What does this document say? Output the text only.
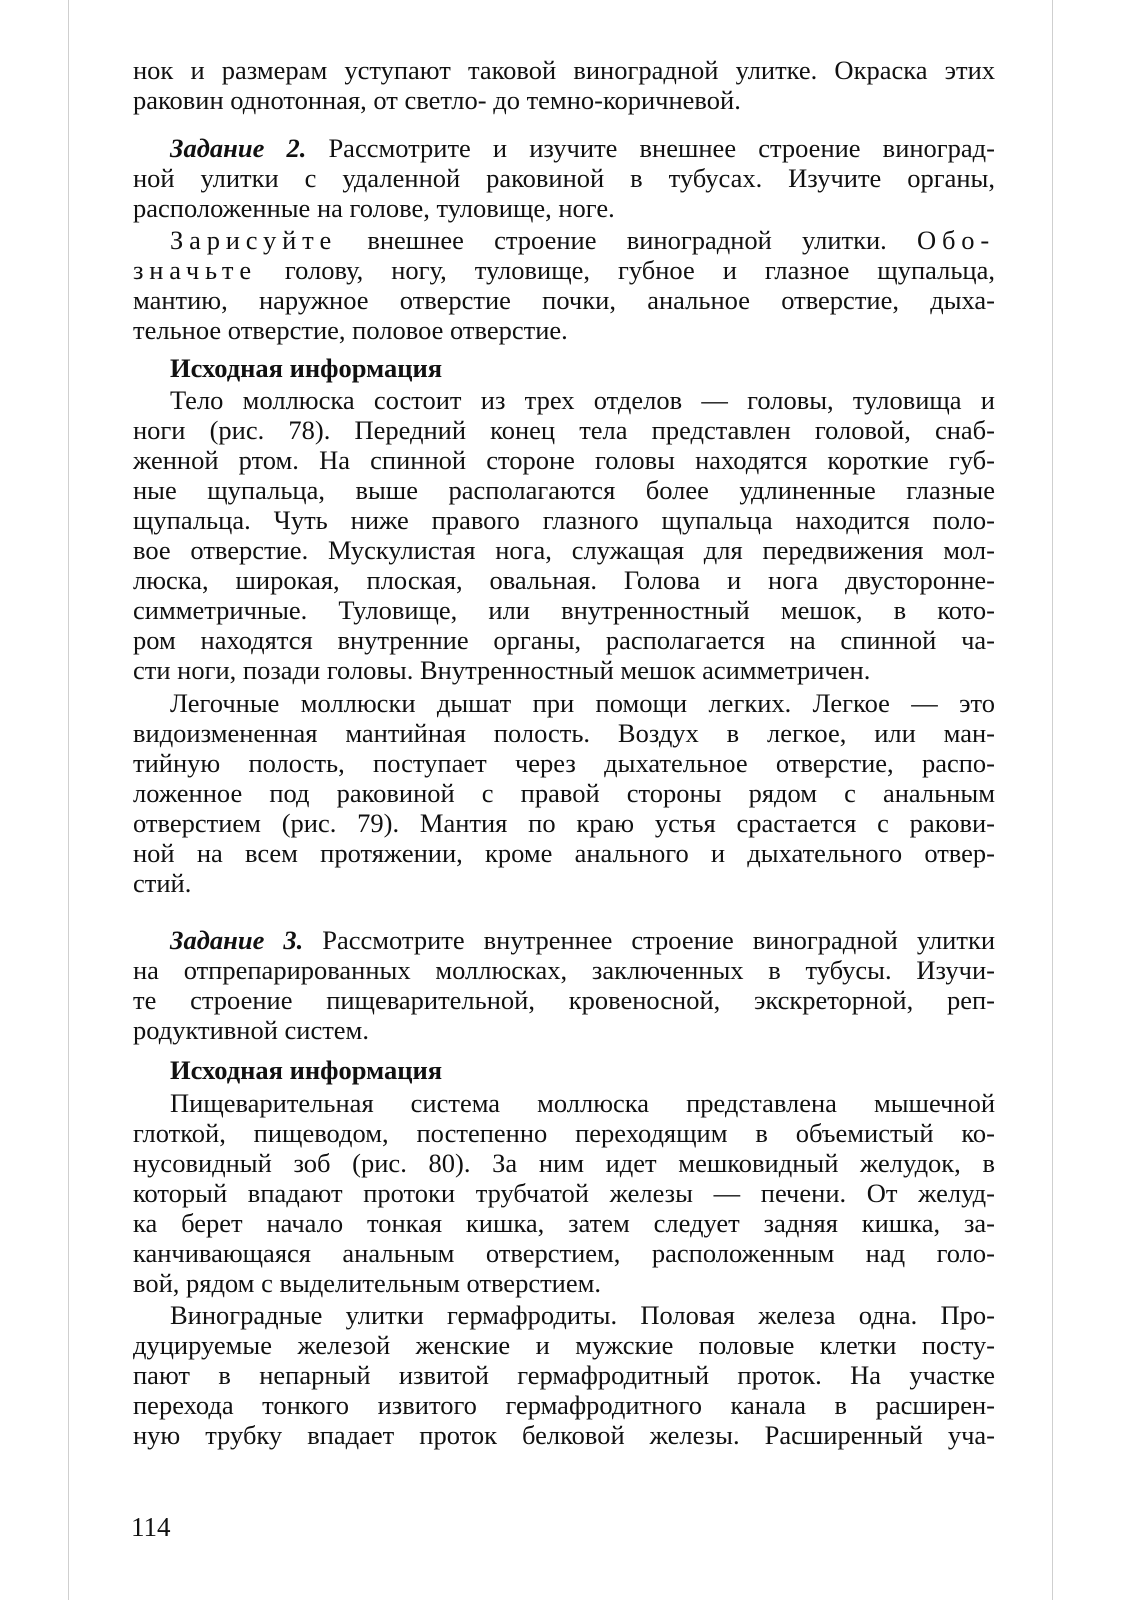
нок и размерам уступают таковой виноградной улитке. Окраска этих
раковин однотонная, от светло- до темно-коричневой.
Задание 2. Рассмотрите и изучите внешнее строение виноград-
ной улитки с удаленной раковиной в тубусах. Изучите органы,
расположенные на голове, туловище, ноге.
Зарисуйте внешнее строение виноградной улитки. Обо-
значьте голову, ногу, туловище, губное и глазное щупальца,
мантию, наружное отверстие почки, анальное отверстие, дыха-
тельное отверстие, половое отверстие.
Исходная информация
Тело моллюска состоит из трех отделов — головы, туловища и
ноги (рис. 78). Передний конец тела представлен головой, снаб-
женной ртом. На спинной стороне головы находятся короткие губ-
ные щупальца, выше располагаются более удлиненные глазные
щупальца. Чуть ниже правого глазного щупальца находится поло-
вое отверстие. Мускулистая нога, служащая для передвижения мол-
люска, широкая, плоская, овальная. Голова и нога двусторонне-
симметричные. Туловище, или внутренностный мешок, в кото-
ром находятся внутренние органы, располагается на спинной ча-
сти ноги, позади головы. Внутренностный мешок асимметричен.
Легочные моллюски дышат при помощи легких. Легкое — это
видоизмененная мантийная полость. Воздух в легкое, или ман-
тийную полость, поступает через дыхательное отверстие, распо-
ложенное под раковиной с правой стороны рядом с анальным
отверстием (рис. 79). Мантия по краю устья срастается с ракови-
ной на всем протяжении, кроме анального и дыхательного отвер-
стий.
Задание 3. Рассмотрите внутреннее строение виноградной улитки
на отпрепарированных моллюсках, заключенных в тубусы. Изучи-
те строение пищеварительной, кровеносной, экскреторной, реп-
родуктивной систем.
Исходная информация
Пищеварительная система моллюска представлена мышечной
глоткой, пищеводом, постепенно переходящим в объемистый ко-
нусовидный зоб (рис. 80). За ним идет мешковидный желудок, в
который впадают протоки трубчатой железы — печени. От желуд-
ка берет начало тонкая кишка, затем следует задняя кишка, за-
канчивающаяся анальным отверстием, расположенным над голо-
вой, рядом с выделительным отверстием.
Виноградные улитки гермафродиты. Половая железа одна. Про-
дуцируемые железой женские и мужские половые клетки посту-
пают в непарный извитой гермафродитный проток. На участке
перехода тонкого извитого гермафродитного канала в расширен-
ную трубку впадает проток белковой железы. Расширенный уча-
114
